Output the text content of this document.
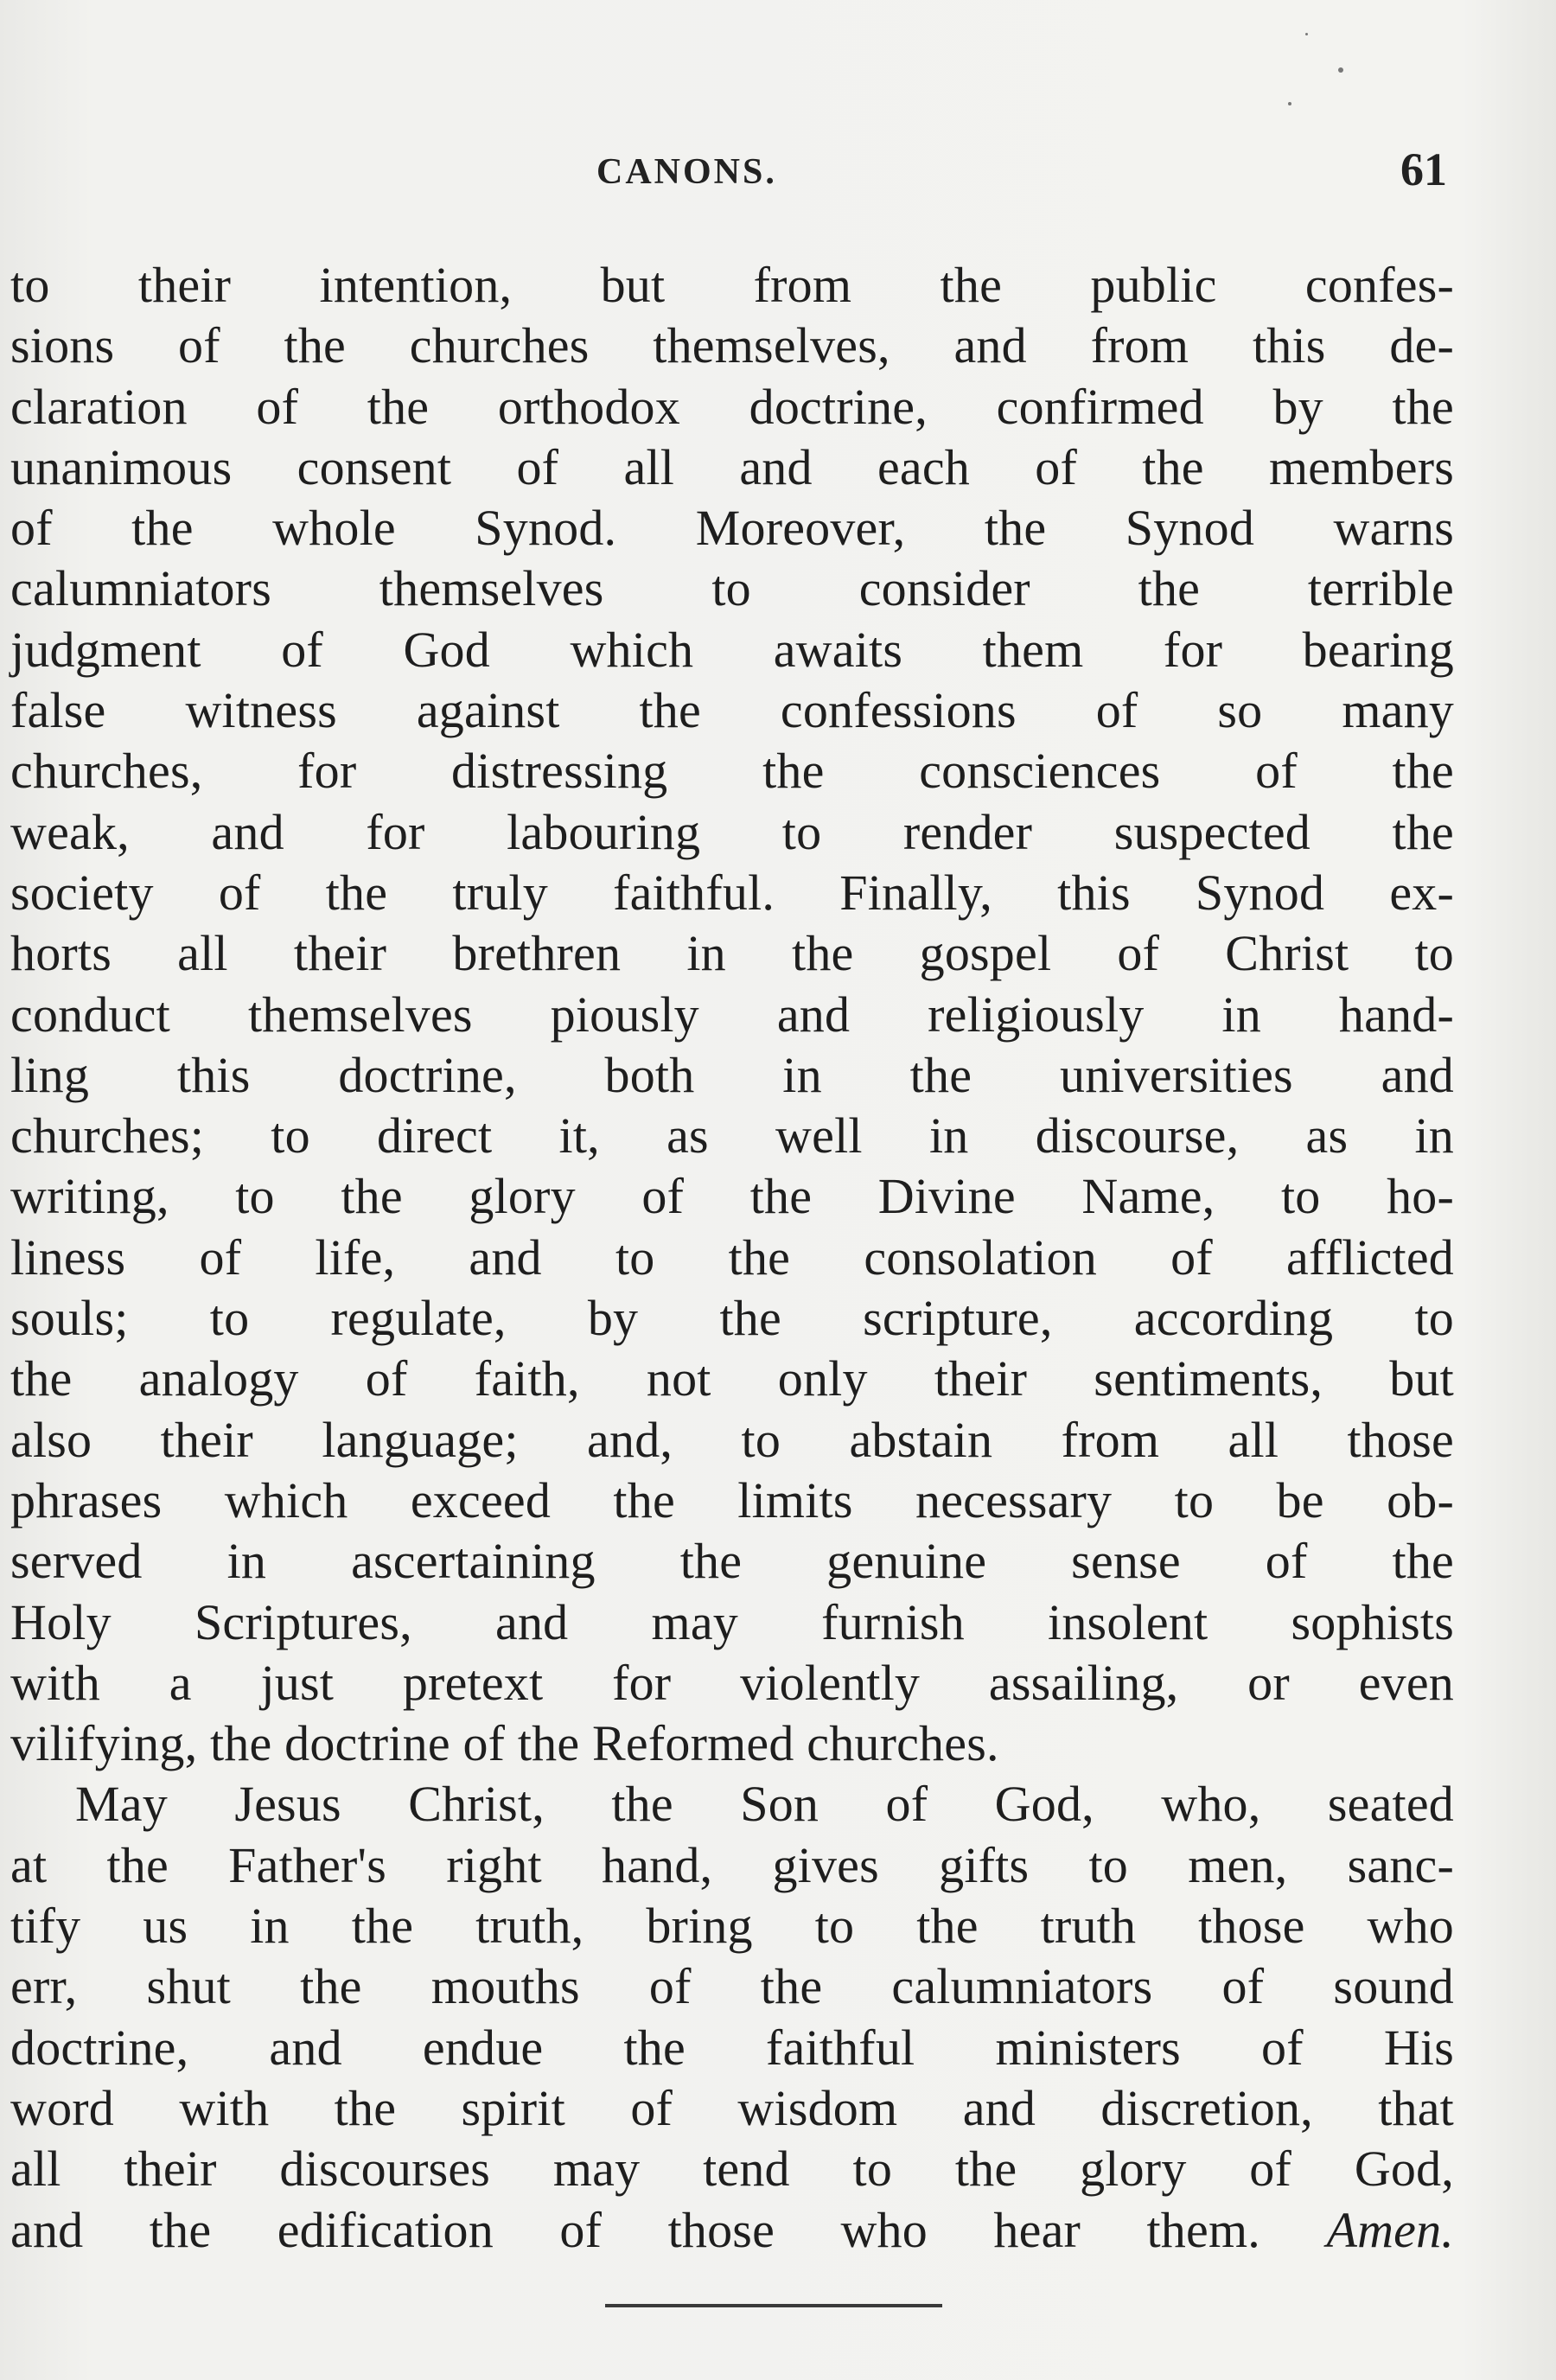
CANONS.	61
to their intention, but from the public confes-
sions of the churches themselves, and from this de-
claration of the orthodox doctrine, confirmed by the
unanimous consent of all and each of the members
of the whole Synod. Moreover, the Synod warns
calumniators themselves to consider the terrible
judgment of God which awaits them for bearing
false witness against the confessions of so many
churches, for distressing the consciences of the
weak, and for labouring to render suspected the
society of the truly faithful. Finally, this Synod ex-
horts all their brethren in the gospel of Christ to
conduct themselves piously and religiously in hand-
ling this doctrine, both in the universities and
churches; to direct it, as well in discourse, as in
writing, to the glory of the Divine Name, to ho-
liness of life, and to the consolation of afflicted
souls; to regulate, by the scripture, according to
the analogy of faith, not only their sentiments, but
also their language; and, to abstain from all those
phrases which exceed the limits necessary to be ob-
served in ascertaining the genuine sense of the
Holy Scriptures, and may furnish insolent sophists
with a just pretext for violently assailing, or even
vilifying, the doctrine of the Reformed churches.
May Jesus Christ, the Son of God, who, seated
at the Father's right hand, gives gifts to men, sanc-
tify us in the truth, bring to the truth those who
err, shut the mouths of the calumniators of sound
doctrine, and endue the faithful ministers of His
word with the spirit of wisdom and discretion, that
all their discourses may tend to the glory of God,
and the edification of those who hear them. Amen.
